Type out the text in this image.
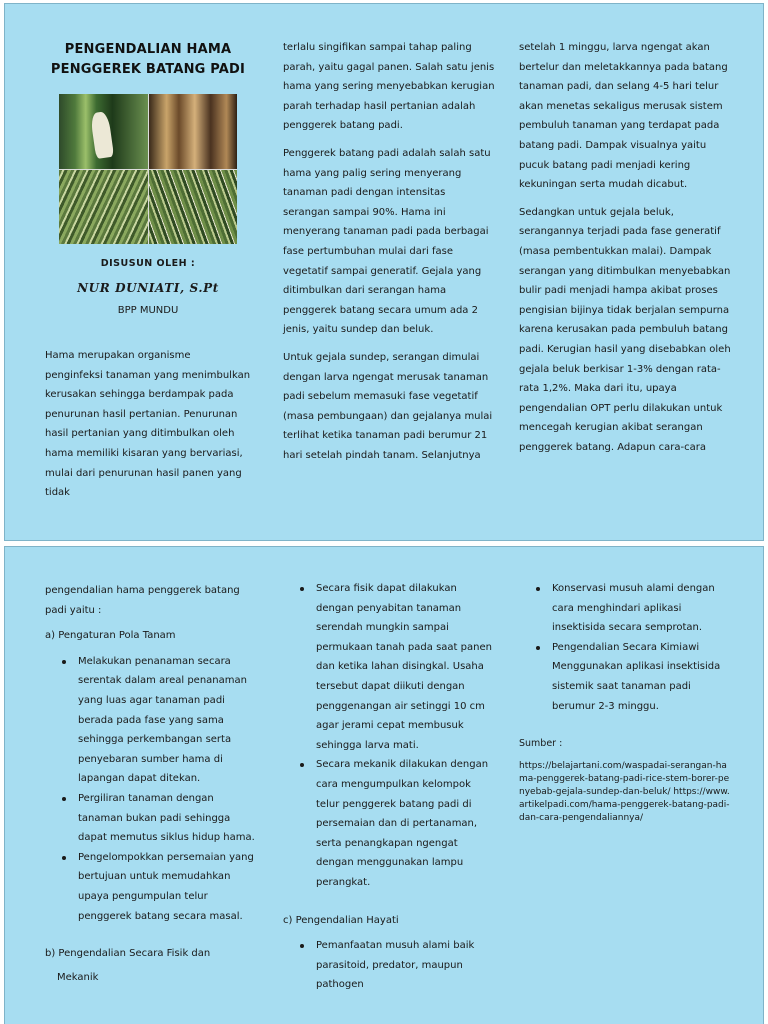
PENGENDALIAN HAMA
PENGGEREK BATANG PADI
DISUSUN OLEH :
NUR DUNIATI, S.Pt
BPP MUNDU

Hama merupakan organisme penginfeksi tanaman yang menimbulkan kerusakan sehingga berdampak pada penurunan hasil pertanian. Penurunan hasil pertanian yang ditimbulkan oleh hama memiliki kisaran yang bervariasi, mulai dari penurunan hasil panen yang tidak

terlalu singifikan sampai tahap paling parah, yaitu gagal panen. Salah satu jenis hama yang sering menyebabkan kerugian parah terhadap hasil pertanian adalah penggerek batang padi.

Penggerek batang padi adalah salah satu hama yang palig sering menyerang tanaman padi dengan intensitas serangan sampai 90%. Hama ini menyerang tanaman padi pada berbagai fase pertumbuhan mulai dari fase vegetatif sampai generatif. Gejala yang ditimbulkan dari serangan hama penggerek batang secara umum ada 2 jenis, yaitu sundep dan beluk.

Untuk gejala sundep, serangan dimulai dengan larva ngengat merusak tanaman padi sebelum memasuki fase vegetatif (masa pembungaan) dan gejalanya mulai terlihat ketika tanaman padi berumur 21 hari setelah pindah tanam. Selanjutnya

setelah 1 minggu, larva ngengat akan bertelur dan meletakkannya pada batang tanaman padi, dan selang 4-5 hari telur akan menetas sekaligus merusak sistem pembuluh tanaman yang terdapat pada batang padi. Dampak visualnya yaitu pucuk batang padi menjadi kering kekuningan serta mudah dicabut.

Sedangkan untuk gejala beluk, serangannya terjadi pada fase generatif (masa pembentukkan malai). Dampak serangan yang ditimbulkan menyebabkan bulir padi menjadi hampa akibat proses pengisian bijinya tidak berjalan sempurna karena kerusakan pada pembuluh batang padi. Kerugian hasil yang disebabkan oleh gejala beluk berkisar 1-3% dengan rata-rata 1,2%. Maka dari itu, upaya pengendalian OPT perlu dilakukan untuk mencegah kerugian akibat serangan penggerek batang. Adapun cara-cara

pengendalian hama penggerek batang padi yaitu :

a) Pengaturan Pola Tanam

Melakukan penanaman secara serentak dalam areal penanaman yang luas agar tanaman padi berada pada fase yang sama sehingga perkembangan serta penyebaran sumber hama di lapangan dapat ditekan.
Pergiliran tanaman dengan tanaman bukan padi sehingga dapat memutus siklus hidup hama.
Pengelompokkan persemaian yang bertujuan untuk memudahkan upaya pengumpulan telur penggerek batang secara masal.

b) Pengendalian Secara Fisik dan

Mekanik

Secara fisik dapat dilakukan dengan penyabitan tanaman serendah mungkin sampai permukaan tanah pada saat panen dan ketika lahan disingkal. Usaha tersebut dapat diikuti dengan penggenangan air setinggi 10 cm agar jerami cepat membusuk sehingga larva mati.
Secara mekanik dilakukan dengan cara mengumpulkan kelompok telur penggerek batang padi di persemaian dan di pertanaman, serta penangkapan ngengat dengan menggunakan lampu perangkat.

c) Pengendalian Hayati

Pemanfaatan musuh alami baik parasitoid, predator, maupun pathogen
Konservasi musuh alami dengan cara menghindari aplikasi insektisida secara semprotan.
Pengendalian Secara Kimiawi Menggunakan aplikasi insektisida sistemik saat tanaman padi berumur 2-3 minggu.

Sumber :

https://belajartani.com/waspadai-serangan-hama-penggerek-batang-padi-rice-stem-borer-penyebab-gejala-sundep-dan-beluk/ https://www.artikelpadi.com/hama-penggerek-batang-padi-dan-cara-pengendaliannya/
